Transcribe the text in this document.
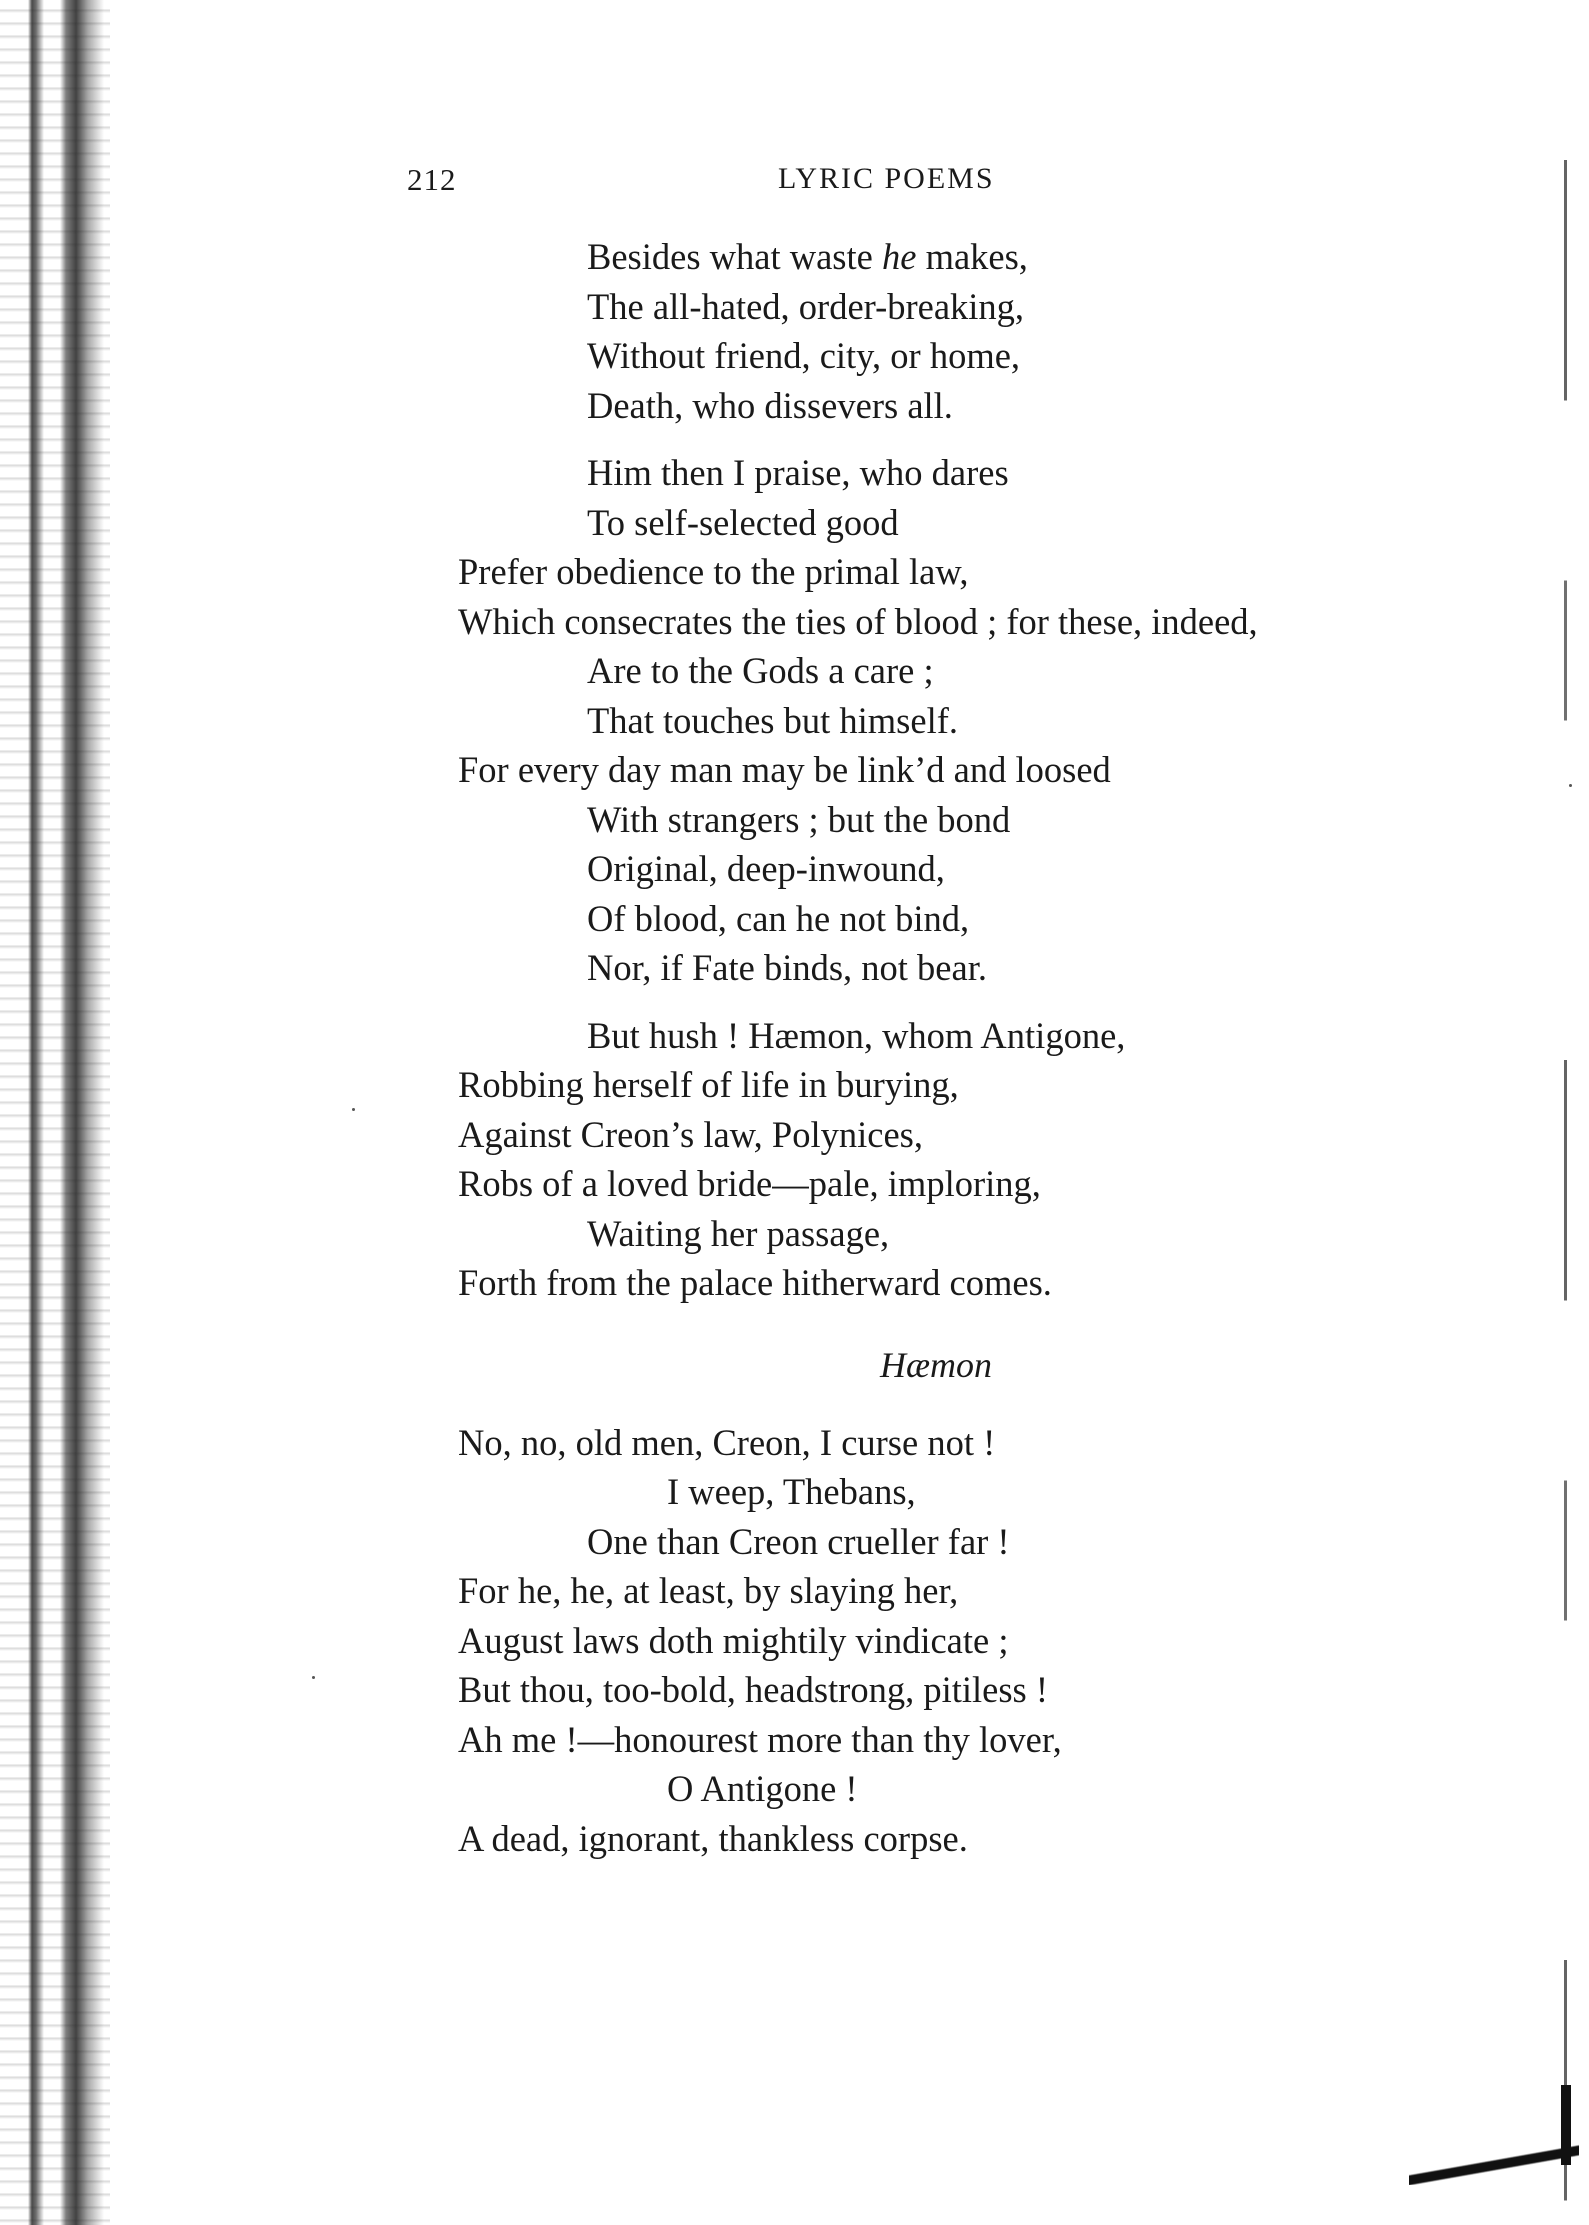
212	LYRIC POEMS
Besides what waste he makes,
The all-hated, order-breaking,
Without friend, city, or home,
Death, who dissevers all.
Him then I praise, who dares
To self-selected good
Prefer obedience to the primal law,
Which consecrates the ties of blood ; for these, indeed,
Are to the Gods a care ;
That touches but himself.
For every day man may be link’d and loosed
With strangers ; but the bond
Original, deep-inwound,
Of blood, can he not bind,
Nor, if Fate binds, not bear.
But hush ! Hæmon, whom Antigone,
Robbing herself of life in burying,
Against Creon’s law, Polynices,
Robs of a loved bride—pale, imploring,
Waiting her passage,
Forth from the palace hitherward comes.
Hæmon
No, no, old men, Creon, I curse not !
I weep, Thebans,
One than Creon crueller far !
For he, he, at least, by slaying her,
August laws doth mightily vindicate ;
But thou, too-bold, headstrong, pitiless !
Ah me !—honourest more than thy lover,
O Antigone !
A dead, ignorant, thankless corpse.
